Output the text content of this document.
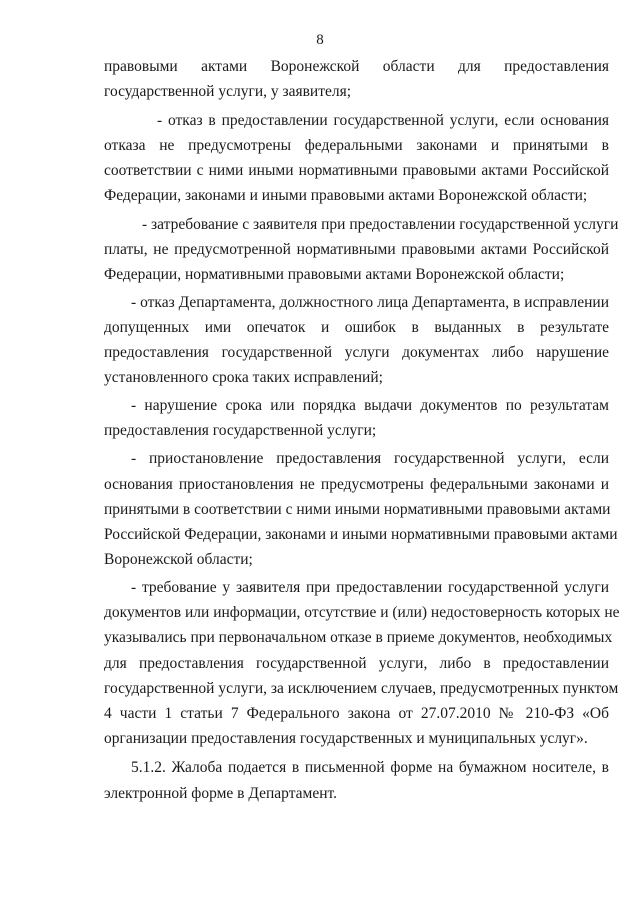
8
правовыми актами Воронежской области для предоставления
государственной услуги, у заявителя;
- отказ в предоставлении государственной услуги, если основания
отказа не предусмотрены федеральными законами и принятыми в
соответствии с ними иными нормативными правовыми актами Российской
Федерации, законами и иными правовыми актами Воронежской области;
- затребование с заявителя при предоставлении государственной услуги
платы, не предусмотренной нормативными правовыми актами Российской
Федерации, нормативными правовыми актами Воронежской области;
- отказ Департамента, должностного лица Департамента, в исправлении
допущенных ими опечаток и ошибок в выданных в результате
предоставления государственной услуги документах либо нарушение
установленного срока таких исправлений;
- нарушение срока или порядка выдачи документов по результатам
предоставления государственной услуги;
- приостановление предоставления государственной услуги, если
основания приостановления не предусмотрены федеральными законами и
принятыми в соответствии с ними иными нормативными правовыми актами
Российской Федерации, законами и иными нормативными правовыми актами
Воронежской области;
- требование у заявителя при предоставлении государственной услуги
документов или информации, отсутствие и (или) недостоверность которых не
указывались при первоначальном отказе в приеме документов, необходимых
для предоставления государственной услуги, либо в предоставлении
государственной услуги, за исключением случаев, предусмотренных пунктом
4 части 1 статьи 7 Федерального закона от 27.07.2010 № 210-ФЗ «Об
организации предоставления государственных и муниципальных услуг».
5.1.2. Жалоба подается в письменной форме на бумажном носителе, в
электронной форме в Департамент.
